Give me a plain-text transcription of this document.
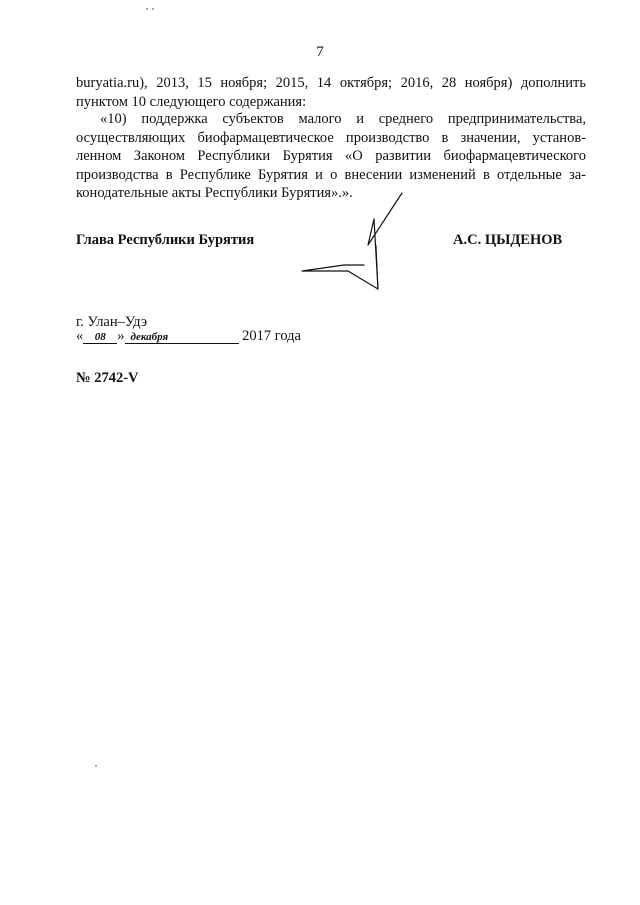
7
buryatia.ru), 2013, 15 ноября; 2015, 14 октября; 2016, 28 ноября) дополнить
пунктом 10 следующего содержания:
«10) поддержка субъектов малого и среднего предпринимательства,
осуществляющих биофармацевтическое производство в значении, установ-
ленном Законом Республики Бурятия «О развитии биофармацевтического
производства в Республике Бурятия и о внесении изменений в отдельные за-
конодательные акты Республики Бурятия».».
Глава Республики Бурятия	А.С. ЦЫДЕНОВ
г. Улан–Удэ
« 08 » декабря	2017 года
№ 2742-V
